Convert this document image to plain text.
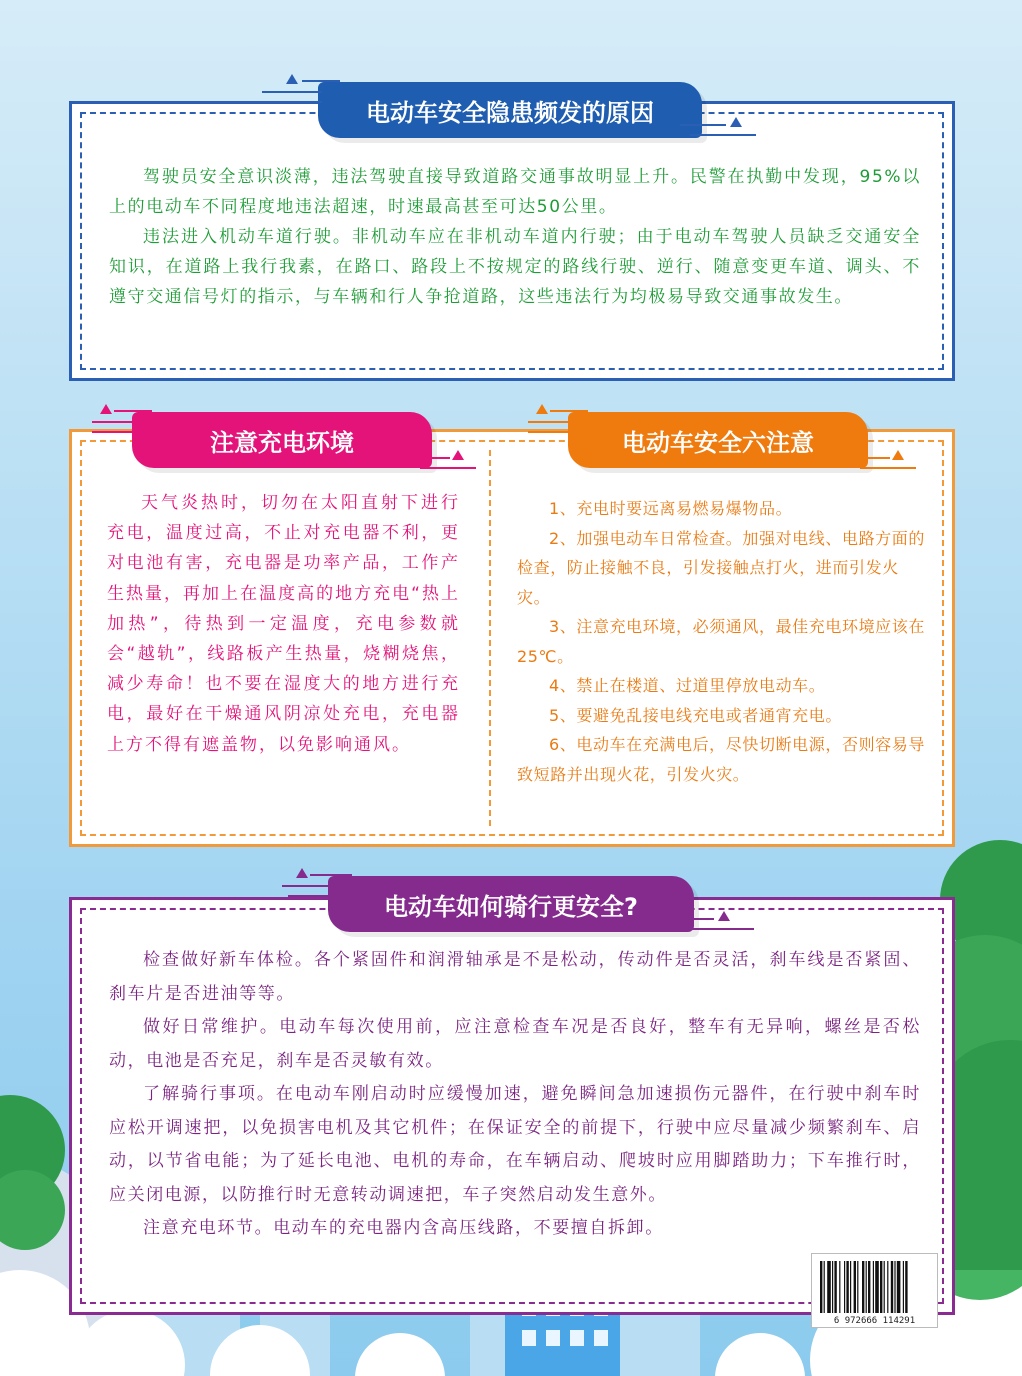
驾驶员安全意识淡薄，违法驾驶直接导致道路交通事故明显上升。民警在执勤中发现，95%以上的电动车不同程度地违法超速，时速最高甚至可达50公里。

违法进入机动车道行驶。非机动车应在非机动车道内行驶；由于电动车驾驶人员缺乏交通安全知识，在道路上我行我素，在路口、路段上不按规定的路线行驶、逆行、随意变更车道、调头、不遵守交通信号灯的指示，与车辆和行人争抢道路，这些违法行为均极易导致交通事故发生。

电动车安全隐患频发的原因

天气炎热时，切勿在太阳直射下进行充电，温度过高，不止对充电器不利，更对电池有害，充电器是功率产品，工作产生热量，再加上在温度高的地方充电“热上加热”，待热到一定温度，充电参数就会“越轨”，线路板产生热量，烧糊烧焦，减少寿命！也不要在湿度大的地方进行充电，最好在干燥通风阴凉处充电，充电器上方不得有遮盖物，以免影响通风。

1、充电时要远离易燃易爆物品。

2、加强电动车日常检查。加强对电线、电路方面的检查，防止接触不良，引发接触点打火，进而引发火灾。

3、注意充电环境，必须通风，最佳充电环境应该在25℃。

4、禁止在楼道、过道里停放电动车。

5、要避免乱接电线充电或者通宵充电。

6、电动车在充满电后，尽快切断电源，否则容易导致短路并出现火花，引发火灾。

注意充电环境	电动车安全六注意

检查做好新车体检。各个紧固件和润滑轴承是不是松动，传动件是否灵活，刹车线是否紧固、刹车片是否进油等等。

做好日常维护。电动车每次使用前，应注意检查车况是否良好，整车有无异响，螺丝是否松动，电池是否充足，刹车是否灵敏有效。

了解骑行事项。在电动车刚启动时应缓慢加速，避免瞬间急加速损伤元器件，在行驶中刹车时应松开调速把，以免损害电机及其它机件；在保证安全的前提下，行驶中应尽量减少频繁刹车、启动，以节省电能；为了延长电池、电机的寿命，在车辆启动、爬坡时应用脚踏助力；下车推行时，应关闭电源，以防推行时无意转动调速把，车子突然启动发生意外。

注意充电环节。电动车的充电器内含高压线路，不要擅自拆卸。

电动车如何骑行更安全?
6 972666 114291
